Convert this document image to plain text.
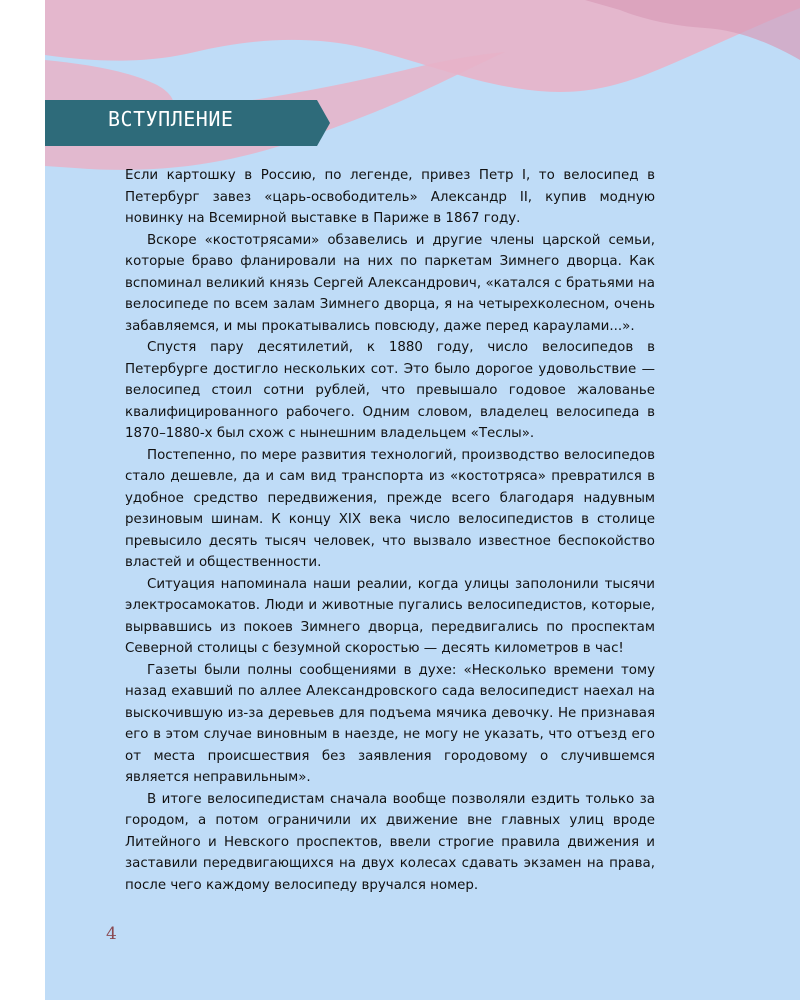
ВСТУПЛЕНИЕ

Если картошку в Россию, по легенде, привез Петр I, то велосипед в Петербург завез «царь-освободитель» Александр II, купив модную новинку на Всемирной выставке в Париже в 1867 году.

Вскоре «костотрясами» обзавелись и другие члены царской семьи, которые браво фланировали на них по паркетам Зимнего дворца. Как вспоминал великий князь Сергей Александрович, «катался с братьями на велосипеде по всем залам Зимнего дворца, я на четырехколесном, очень забавляемся, и мы прокатывались повсюду, даже перед караулами...».

Спустя пару десятилетий, к 1880 году, число велосипедов в Петербурге достигло нескольких сот. Это было дорогое удовольствие — велосипед стоил сотни рублей, что превышало годовое жалованье квалифицированного рабочего. Одним словом, владелец велосипеда в 1870–1880-х был схож с нынешним владельцем «Теслы».

Постепенно, по мере развития технологий, производство велосипедов стало дешевле, да и сам вид транспорта из «костотряса» превратился в удобное средство передвижения, прежде всего благодаря надувным резиновым шинам. К концу XIX века число велосипедистов в столице превысило десять тысяч человек, что вызвало известное беспокойство властей и общественности.

Ситуация напоминала наши реалии, когда улицы заполонили тысячи электросамокатов. Люди и животные пугались велосипедистов, которые, вырвавшись из покоев Зимнего дворца, передвигались по проспектам Северной столицы с безумной скоростью — десять километров в час!

Газеты были полны сообщениями в духе: «Несколько времени тому назад ехавший по аллее Александровского сада велосипедист наехал на выскочившую из-за деревьев для подъема мячика девочку. Не признавая его в этом случае виновным в наезде, не могу не указать, что отъезд его от места происшествия без заявления городовому о случившемся является неправильным».

В итоге велосипедистам сначала вообще позволяли ездить только за городом, а потом ограничили их движение вне главных улиц вроде Литейного и Невского проспектов, ввели строгие правила движения и заставили передвигающихся на двух колесах сдавать экзамен на права, после чего каждому велосипеду вручался номер.

4
